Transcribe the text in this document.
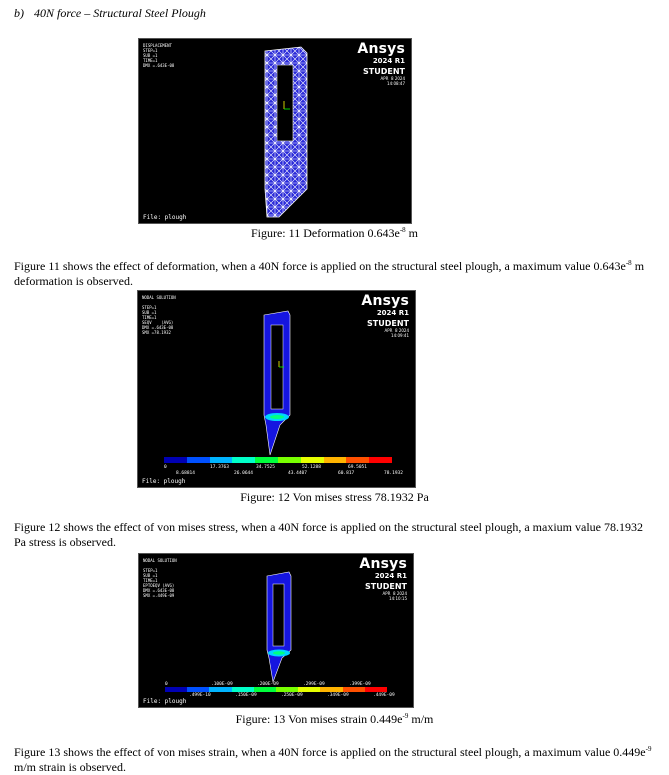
b) 40N force – Structural Steel Plough
DISPLACEMENT
STEP=1
SUB =1
TIME=1
DMX =.643E-08
Ansys
2024 R1
STUDENT
APR  8 2024
14:08:47
File: plough
Figure: 11 Deformation $0.643e^{-8}$ m
Figure 11 shows the effect of deformation, when a 40N force is applied on the structural steel plough, a maximum value $0.643e^{-8}$ m deformation is observed.
NODAL SOLUTION

STEP=1
SUB =1
TIME=1
SEQV    (AVG)
DMX =.643E-08
SMX =78.1932
Ansys
2024 R1
STUDENT
APR  8 2024
14:09:41
0	17.3763	34.7525	52.1288	69.5051
8.68814	26.0644	43.4407	60.817	78.1932
File: plough
Figure: 12 Von mises stress 78.1932 Pa
Figure 12 shows the effect of von mises stress, when a 40N force is applied on the structural steel plough, a maxium value 78.1932 Pa stress is observed.
NODAL SOLUTION

STEP=1
SUB =1
TIME=1
EPTOEQV (AVG)
DMX =.643E-08
SMX =.449E-09
Ansys
2024 R1
STUDENT
APR  8 2024
14:10:15
0	.100E-09	.200E-09	.299E-09	.399E-09
.499E-10	.150E-09	.250E-09	.349E-09	.449E-09
File: plough
Figure: 13 Von mises strain $0.449e^{-9}$ m/m
Figure 13 shows the effect of von mises strain, when a 40N force is applied on the structural steel plough, a maximum value $0.449e^{-9}$ m/m strain is observed.
